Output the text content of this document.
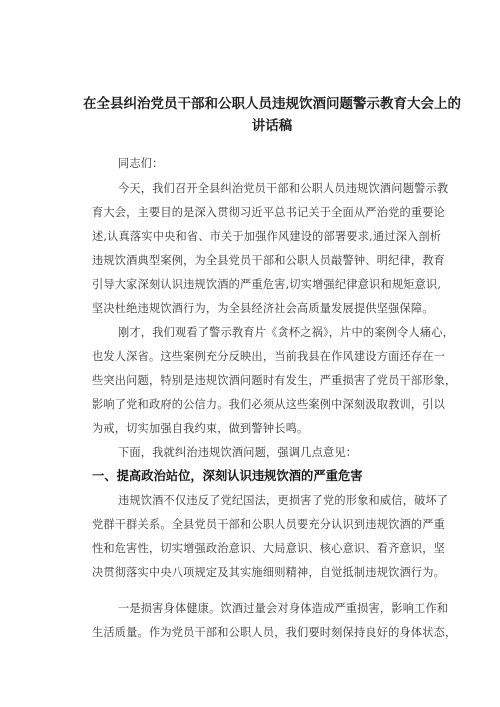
在全县纠治党员干部和公职人员违规饮酒问题警示教育大会上的
讲话稿
同志们：
今天，我们召开全县纠治党员干部和公职人员违规饮酒问题警示教
育大会，主要目的是深入贯彻习近平总书记关于全面从严治党的重要论
述,认真落实中央和省、市关于加强作风建设的部署要求,通过深入剖析
违规饮酒典型案例，为全县党员干部和公职人员敲警钟、明纪律，教育
引导大家深刻认识违规饮酒的严重危害,切实增强纪律意识和规矩意识,
坚决杜绝违规饮酒行为，为全县经济社会高质量发展提供坚强保障。
刚才，我们观看了警示教育片《贪杯之祸》，片中的案例令人痛心，
也发人深省。这些案例充分反映出，当前我县在作风建设方面还存在一
些突出问题，特别是违规饮酒问题时有发生，严重损害了党员干部形象，
影响了党和政府的公信力。我们必须从这些案例中深刻汲取教训，引以
为戒，切实加强自我约束，做到警钟长鸣。
下面，我就纠治违规饮酒问题，强调几点意见：
一、提高政治站位，深刻认识违规饮酒的严重危害
违规饮酒不仅违反了党纪国法，更损害了党的形象和威信，破坏了
党群干群关系。全县党员干部和公职人员要充分认识到违规饮酒的严重
性和危害性，切实增强政治意识、大局意识、核心意识、看齐意识，坚
决贯彻落实中央八项规定及其实施细则精神，自觉抵制违规饮酒行为。
一是损害身体健康。饮酒过量会对身体造成严重损害，影响工作和
生活质量。作为党员干部和公职人员，我们要时刻保持良好的身体状态，
